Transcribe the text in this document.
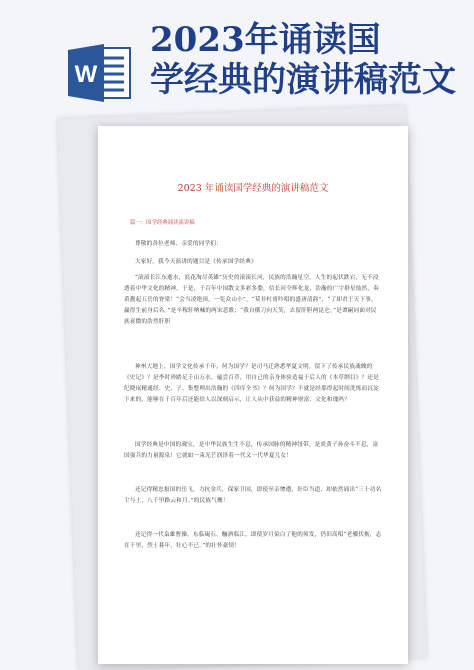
W
2023年诵读国
学经典的演讲稿范文
2023 年诵读国学经典的演讲稿范文
篇一：国学经典诵读演讲稿

尊敬的各位老师、亲爱的同学们：

大家好。我今天演讲的题目是《传承国学经典》

“滚滚长江东逝水，浪花淘尽英雄”历史的滚滚长河，民族的浩瀚星空，人生的起伏跌宕，无不浸透着中华文化的精神。于是，千百年中国散文多彩多姿，信长河全辉化龙，浩瀚的广宇群星灿然，奏黄靓起五岳的脊梁！“会当凌绝顶，一览众山小”，“莫非杜甫吟唱的盛唐清韵”，“了却君王天下事，赢得生前身后名。”是辛稼轩呐喊的两宋悲歌；“我自横刀向天笑，去留肝胆两昆仑。”是谭嗣同面对民族衰微的浩然肝胆

神州大地上，国学文化传承千年。何为国学？是司马迁熟悉华夏文明，留下了传承民族魂魄的《史记》？是李时珍踏足千山万水，遍尝百草，用自己的亲身体验造福于后人的《本草纲目》？还是纪晓岚精通经、史、子、集整理出浩瀚的《四库全书》？何为国学？不就是经那得起时间洗炼而沉淀下来的，能够在千百年后还能给人以深刻启示，让人从中获益的精神财富、文化和瑰吗？

国学经典是中国的魂宝，是中华民族生生不息，传承国脉的精神纽带，是炎黄子孙奋斗不息，富国强兵的力量源泉！它就如一束光芒润泽着一代又一代华夏儿女！

还记得精忠报国的岳飞，力抗金兵，保家卫国，即使至亲惨遭，奸臣当道，却依然诵出“三十功名尘与土，八千里路云和月。”的民族气概！

还记得一代枭雄曹操，东临碣石，酾酒临江，即使岁月染白了他的须发，仍旧高唱“老骥伏枥，志在千里，烈士暮年，壮心不已。”的壮怀豪情！
